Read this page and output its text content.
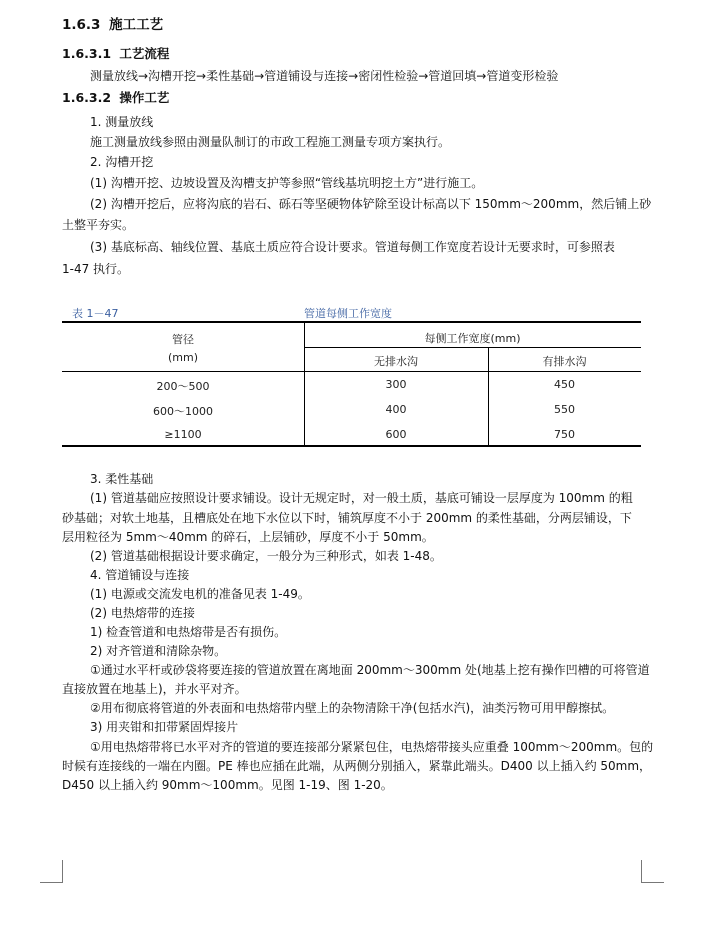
1.6.3 施工工艺
1.6.3.1 工艺流程
测量放线→沟槽开挖→柔性基础→管道铺设与连接→密闭性检验→管道回填→管道变形检验
1.6.3.2 操作工艺
1. 测量放线
施工测量放线参照由测量队制订的市政工程施工测量专项方案执行。
2. 沟槽开挖
(1) 沟槽开挖、边坡设置及沟槽支护等参照“管线基坑明挖土方”进行施工。
(2) 沟槽开挖后，应将沟底的岩石、砾石等坚硬物体铲除至设计标高以下 150mm～200mm，然后铺上砂
土整平夯实。
(3) 基底标高、轴线位置、基底土质应符合设计要求。管道每侧工作宽度若设计无要求时，可参照表
1-47 执行。
表 1－47	管道每侧工作宽度
管径
(mm)
每侧工作宽度(mm)
无排水沟	有排水沟
200～500	300	450
600～1000	400	550
≥1100	600	750
3. 柔性基础
(1) 管道基础应按照设计要求铺设。设计无规定时，对一般土质，基底可铺设一层厚度为 100mm 的粗
砂基础；对软土地基，且槽底处在地下水位以下时，铺筑厚度不小于 200mm 的柔性基础，分两层铺设，下
层用粒径为 5mm～40mm 的碎石，上层铺砂，厚度不小于 50mm。
(2) 管道基础根据设计要求确定，一般分为三种形式，如表 1-48。
4. 管道铺设与连接
(1) 电源或交流发电机的准备见表 1-49。
(2) 电热熔带的连接
1) 检查管道和电热熔带是否有损伤。
2) 对齐管道和清除杂物。
①通过水平杆或砂袋将要连接的管道放置在离地面 200mm～300mm 处(地基上挖有操作凹槽的可将管道
直接放置在地基上)，并水平对齐。
②用布彻底将管道的外表面和电热熔带内壁上的杂物清除干净(包括水汽)，油类污物可用甲醇擦拭。
3) 用夹钳和扣带紧固焊接片
①用电热熔带将已水平对齐的管道的要连接部分紧紧包住，电热熔带接头应重叠 100mm～200mm。包的
时候有连接线的一端在内圈。PE 棒也应插在此端，从两侧分别插入，紧靠此端头。D400 以上插入约 50mm，
D450 以上插入约 90mm～100mm。见图 1-19、图 1-20。
